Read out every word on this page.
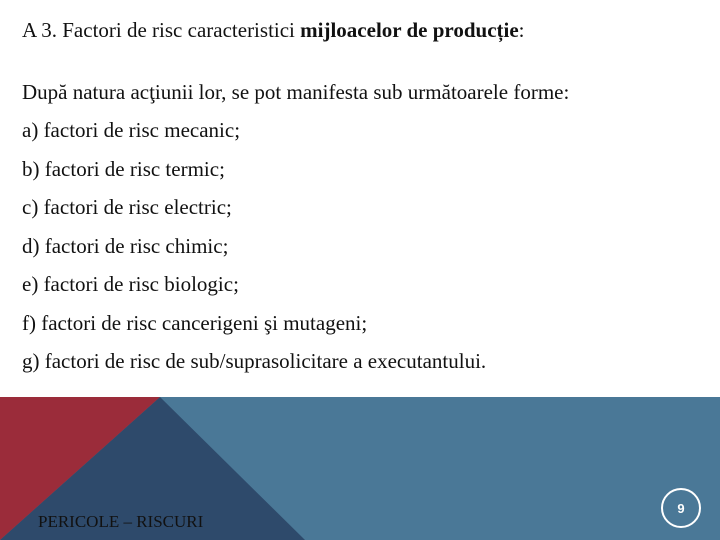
A 3. Factori de risc caracteristici mijloacelor de producție:
După natura acţiunii lor, se pot manifesta sub următoarele forme:
a) factori de risc mecanic;
b) factori de risc termic;
c) factori de risc electric;
d) factori de risc chimic;
e) factori de risc biologic;
f) factori de risc cancerigeni şi mutageni;
g) factori de risc de sub/suprasolicitare a executantului.
PERICOLE – RISCURI
9
